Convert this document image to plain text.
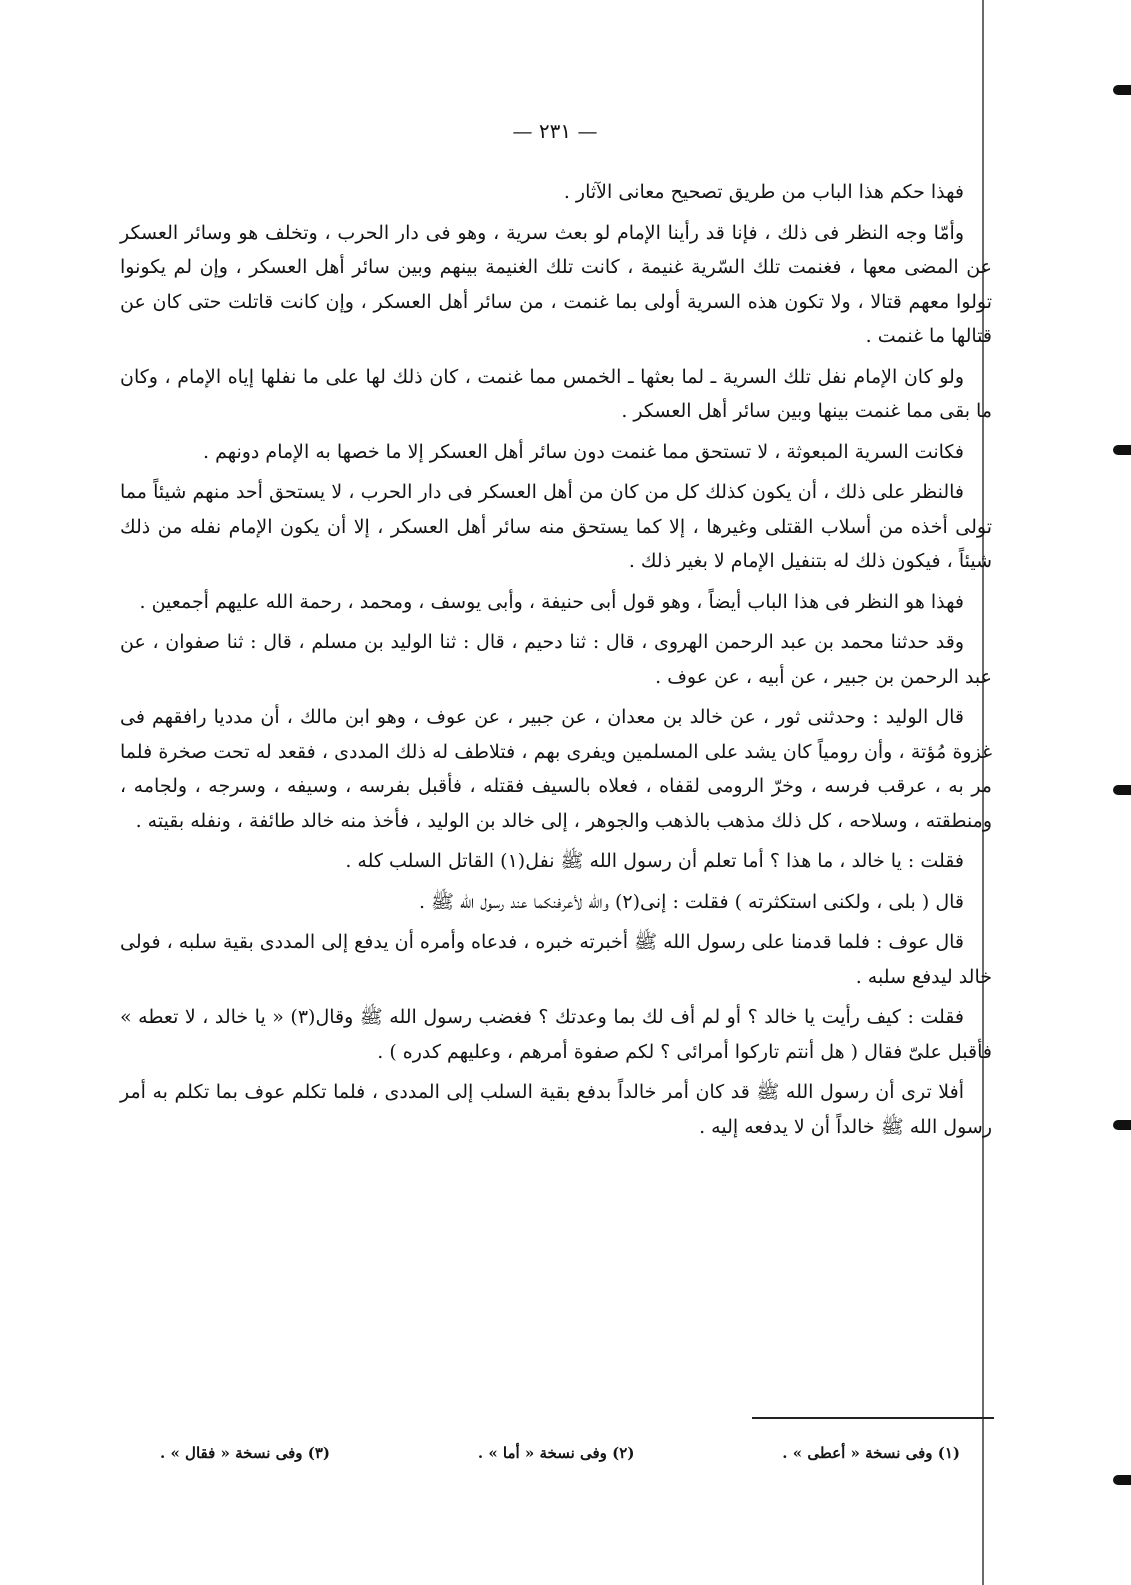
— ٢٣١ —

فهذا حكم هذا الباب من طريق تصحيح معانى الآثار .

وأمّا وجه النظر فى ذلك ، فإنا قد رأينا الإمام لو بعث سرية ، وهو فى دار الحرب ، وتخلف هو وسائر العسكر عن المضى معها ، فغنمت تلك السّرية غنيمة ، كانت تلك الغنيمة بينهم وبين سائر أهل العسكر ، وإن لم يكونوا تولوا معهم قتالا ، ولا تكون هذه السرية أولى بما غنمت ، من سائر أهل العسكر ، وإن كانت قاتلت حتى كان عن قتالها ما غنمت .

ولو كان الإمام نفل تلك السرية ـ لما بعثها ـ الخمس مما غنمت ، كان ذلك لها على ما نفلها إياه الإمام ، وكان ما بقى مما غنمت بينها وبين سائر أهل العسكر .

فكانت السرية المبعوثة ، لا تستحق مما غنمت دون سائر أهل العسكر إلا ما خصها به الإمام دونهم .

فالنظر على ذلك ، أن يكون كذلك كل من كان من أهل العسكر فى دار الحرب ، لا يستحق أحد منهم شيئاً مما تولى أخذه من أسلاب القتلى وغيرها ، إلا كما يستحق منه سائر أهل العسكر ، إلا أن يكون الإمام نفله من ذلك شيئاً ، فيكون ذلك له بتنفيل الإمام لا بغير ذلك .

فهذا هو النظر فى هذا الباب أيضاً ، وهو قول أبى حنيفة ، وأبى يوسف ، ومحمد ، رحمة الله عليهم أجمعين .

وقد حدثنا محمد بن عبد الرحمن الهروى ، قال : ثنا دحيم ، قال : ثنا الوليد بن مسلم ، قال : ثنا صفوان ، عن عبد الرحمن بن جبير ، عن أبيه ، عن عوف .

قال الوليد : وحدثنى ثور ، عن خالد بن معدان ، عن جبير ، عن عوف ، وهو ابن مالك ، أن مدديا رافقهم فى غزوة مُؤتة ، وأن رومياً كان يشد على المسلمين ويفرى بهم ، فتلاطف له ذلك المددى ، فقعد له تحت صخرة فلما مر به ، عرقب فرسه ، وخرّ الرومى لقفاه ، فعلاه بالسيف فقتله ، فأقبل بفرسه ، وسيفه ، وسرجه ، ولجامه ، ومنطقته ، وسلاحه ، كل ذلك مذهب بالذهب والجوهر ، إلى خالد بن الوليد ، فأخذ منه خالد طائفة ، ونفله بقيته .

فقلت : يا خالد ، ما هذا ؟ أما تعلم أن رسول الله ﷺ نفل(١) القاتل السلب كله .

قال ( بلى ، ولكنى استكثرته ) فقلت : إنى(٢) والله لأعرفنكما عند رسول الله ﷺ .

قال عوف : فلما قدمنا على رسول الله ﷺ أخبرته خبره ، فدعاه وأمره أن يدفع إلى المددى بقية سلبه ، فولى خالد ليدفع سلبه .

فقلت : كيف رأيت يا خالد ؟ أو لم أف لك بما وعدتك ؟ فغضب رسول الله ﷺ وقال(٣) « يا خالد ، لا تعطه » فأقبل علىّ فقال ( هل أنتم تاركوا أمرائى ؟ لكم صفوة أمرهم ، وعليهم كدره ) .

أفلا ترى أن رسول الله ﷺ قد كان أمر خالداً بدفع بقية السلب إلى المددى ، فلما تكلم عوف بما تكلم به أمر رسول الله ﷺ خالداً أن لا يدفعه إليه .

(١) وفى نسخة « أعطى » .
(٢) وفى نسخة « أما » .
(٣) وفى نسخة « فقال » .
